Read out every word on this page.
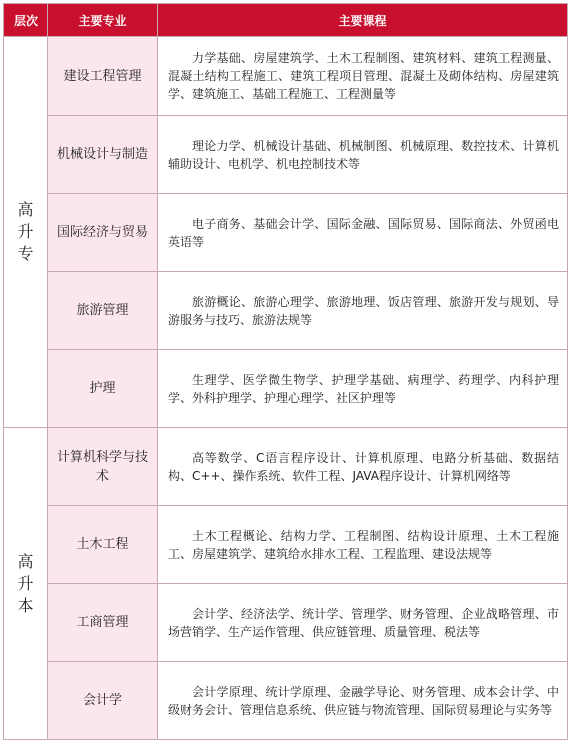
层次	主要专业	主要课程

高
升
专	建设工程管理	力学基础、房屋建筑学、土木工程制图、建筑材料、建筑工程测量、混凝土结构工程施工、建筑工程项目管理、混凝土及砌体结构、房屋建筑学、建筑施工、基础工程施工、工程测量等
	机械设计与制造	理论力学、机械设计基础、机械制图、机械原理、数控技术、计算机辅助设计、电机学、机电控制技术等
	国际经济与贸易	电子商务、基础会计学、国际金融、国际贸易、国际商法、外贸函电英语等
	旅游管理	旅游概论、旅游心理学、旅游地理、饭店管理、旅游开发与规划、导游服务与技巧、旅游法规等
	护理	生理学、医学微生物学、护理学基础、病理学、药理学、内科护理学、外科护理学、护理心理学、社区护理等

高
升
本	计算机科学与技术	高等数学、C语言程序设计、计算机原理、电路分析基础、数据结构、C++、操作系统、软件工程、JAVA程序设计、计算机网络等
	土木工程	土木工程概论、结构力学、工程制图、结构设计原理、土木工程施工、房屋建筑学、建筑给水排水工程、工程监理、建设法规等
	工商管理	会计学、经济法学、统计学、管理学、财务管理、企业战略管理、市场营销学、生产运作管理、供应链管理、质量管理、税法等
	会计学	会计学原理、统计学原理、金融学导论、财务管理、成本会计学、中级财务会计、管理信息系统、供应链与物流管理、国际贸易理论与实务等
